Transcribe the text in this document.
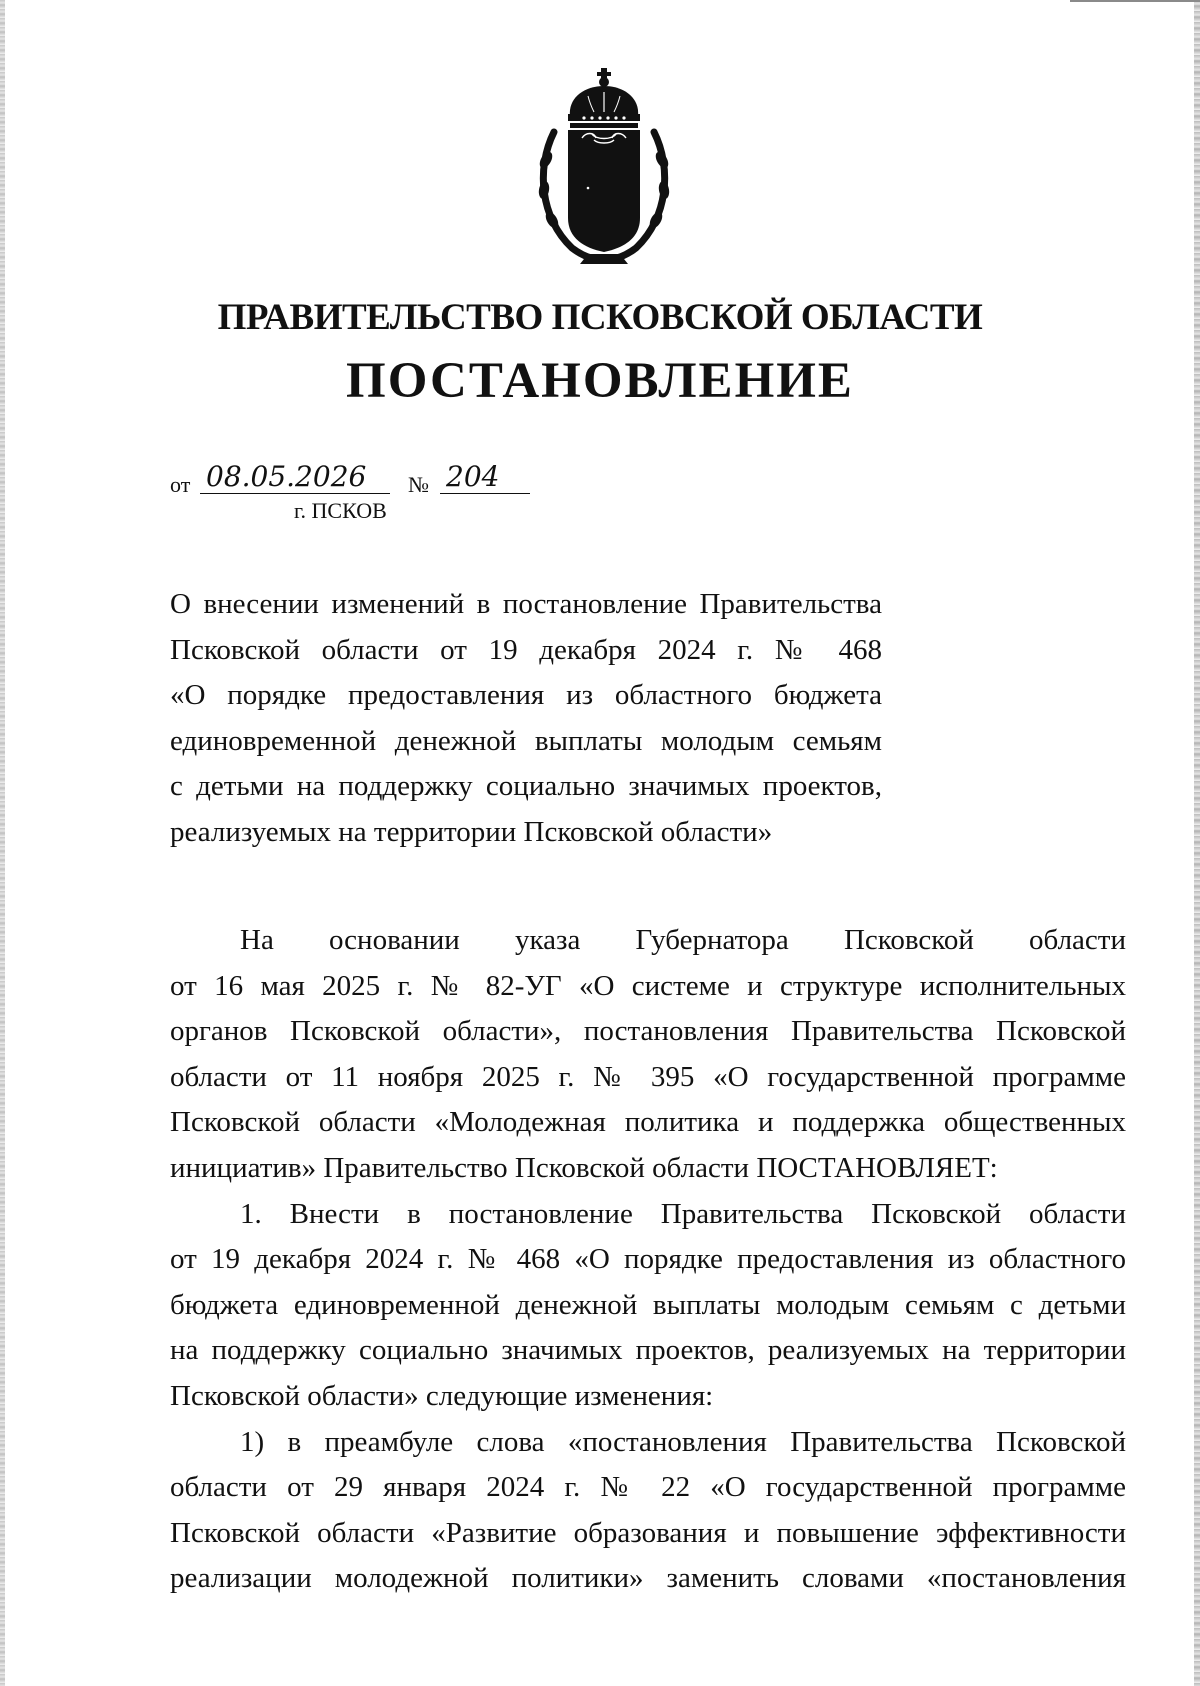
ПРАВИТЕЛЬСТВО ПСКОВСКОЙ ОБЛАСТИ
ПОСТАНОВЛЕНИЕ
от 08.05.2026	№ 204
г. ПСКОВ
О внесении изменений в постановление Правительства
Псковской области от 19 декабря 2024 г. № 468
«О порядке предоставления из областного бюджета
единовременной денежной выплаты молодым семьям
с детьми на поддержку социально значимых проектов,
реализуемых на территории Псковской области»
На основании указа Губернатора Псковской области
от 16 мая 2025 г. № 82-УГ «О системе и структуре исполнительных
органов Псковской области», постановления Правительства Псковской
области от 11 ноября 2025 г. № 395 «О государственной программе
Псковской области «Молодежная политика и поддержка общественных
инициатив» Правительство Псковской области ПОСТАНОВЛЯЕТ:
1. Внести в постановление Правительства Псковской области
от 19 декабря 2024 г. № 468 «О порядке предоставления из областного
бюджета единовременной денежной выплаты молодым семьям с детьми
на поддержку социально значимых проектов, реализуемых на территории
Псковской области» следующие изменения:
1) в преамбуле слова «постановления Правительства Псковской
области от 29 января 2024 г. № 22 «О государственной программе
Псковской области «Развитие образования и повышение эффективности
реализации молодежной политики» заменить словами «постановления
